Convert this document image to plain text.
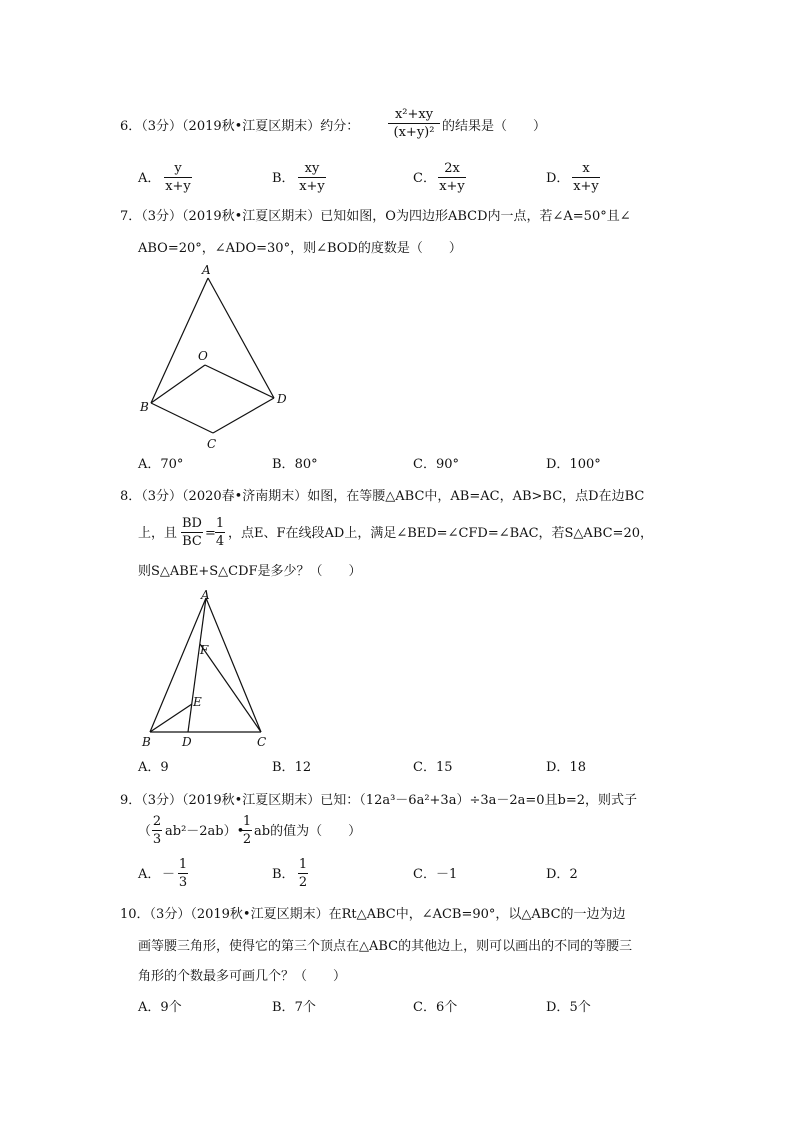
6．（3分）（2019秋•江夏区期末）约分：
x²+xy
(x+y)² 的结果是（　　）
A．
y
x+y
B．
xy
x+y
C．
2x
x+y
D．
x
x+y
7．（3分）（2019秋•江夏区期末）已知如图，O为四边形ABCD内一点，若∠A=50°且∠
ABO=20°，∠ADO=30°，则∠BOD的度数是（　　）
A
O
B
D
C
A．70°	B．80°	C．90°	D．100°
8．（3分）（2020春•济南期末）如图，在等腰△ABC中，AB=AC，AB>BC，点D在边BC
上，且
BD
BC
=
1
4
，点E、F在线段AD上，满足∠BED=∠CFD=∠BAC，若S△ABC=20，
则S△ABE+S△CDF是多少？（　　）
A
F
E
B	D	C
A．9	B．12	C．15	D．18
9．（3分）（2019秋•江夏区期末）已知：（12a³－6a²+3a）÷3a－2a=0且b=2，则式子
（
2
3
ab²－2ab）•
1
2
ab的值为（　　）
A． －
1
3
B．
1
2
C．－1	D．2
10．（3分）（2019秋•江夏区期末）在Rt△ABC中，∠ACB=90°，以△ABC的一边为边
画等腰三角形，使得它的第三个顶点在△ABC的其他边上，则可以画出的不同的等腰三
角形的个数最多可画几个？（　　）
A．9个	B．7个	C．6个	D．5个
